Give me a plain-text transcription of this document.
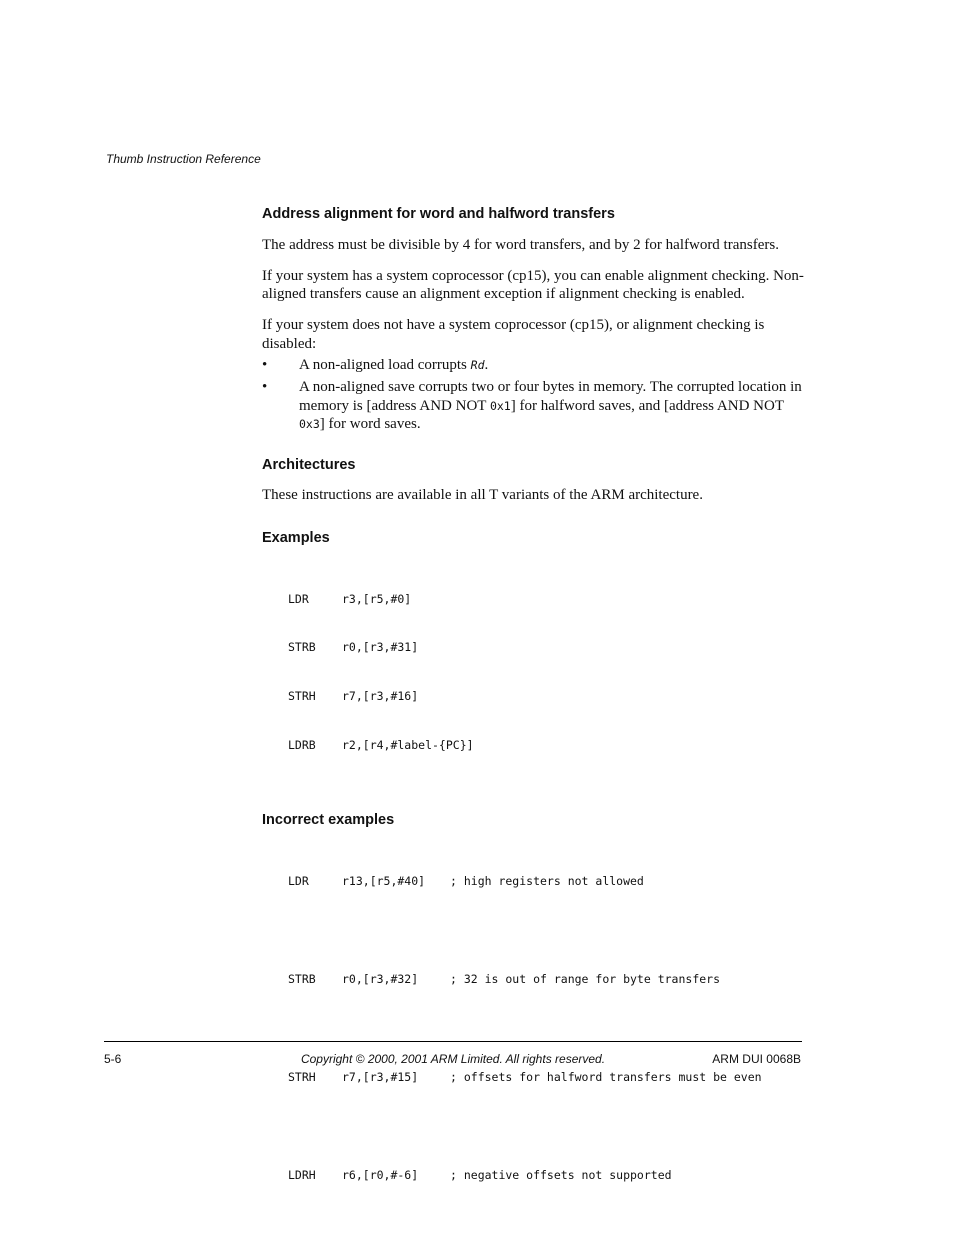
Thumb Instruction Reference
Address alignment for word and halfword transfers

The address must be divisible by 4 for word transfers, and by 2 for halfword transfers.

If your system has a system coprocessor (cp15), you can enable alignment checking. Non-aligned transfers cause an alignment exception if alignment checking is enabled.

If your system does not have a system coprocessor (cp15), or alignment checking is disabled:

• A non-aligned load corrupts Rd.
• A non-aligned save corrupts two or four bytes in memory. The corrupted location in memory is [address AND NOT 0x1] for halfword saves, and [address AND NOT 0x3] for word saves.
Architectures

These instructions are available in all T variants of the ARM architecture.

Examples

LDR	r3,[r5,#0]

STRB	r0,[r3,#31]

STRH	r7,[r3,#16]

LDRB	r2,[r4,#label-{PC}]

Incorrect examples

LDR	r13,[r5,#40]	; high registers not allowed

STRB	r0,[r3,#32]	; 32 is out of range for byte transfers

STRH	r7,[r3,#15]	; offsets for halfword transfers must be even

LDRH	r6,[r0,#-6]	; negative offsets not supported

5-6	Copyright © 2000, 2001 ARM Limited. All rights reserved.	ARM DUI 0068B
